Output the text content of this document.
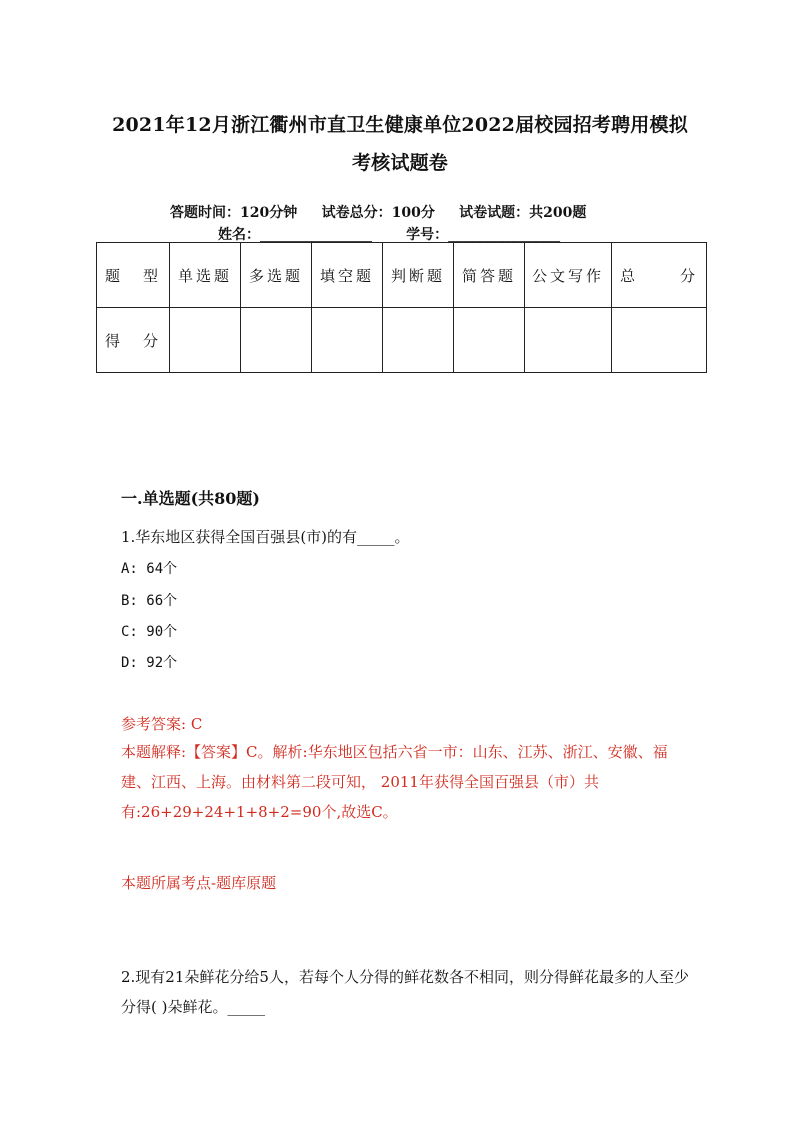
2021年12月浙江衢州市直卫生健康单位2022届校园招考聘用模拟
考核试题卷
答题时间：120分钟     试卷总分：100分     试卷试题：共200题
姓名：________________       学号：________________
题 型	单选题	多选题	填空题	判断题	简答题	公文写作	总 分

得 分							

一.单选题(共80题)
1.华东地区获得全国百强县(市)的有_____。
A: 64个
B: 66个
C: 90个
D: 92个
参考答案: C
本题解释:【答案】C。解析:华东地区包括六省一市：山东、江苏、浙江、安徽、福建、江西、上海。由材料第二段可知， 2011年获得全国百强县（市）共有:26+29+24+1+8+2=90个,故选C。
本题所属考点-题库原题
2.现有21朵鲜花分给5人，若每个人分得的鲜花数各不相同，则分得鲜花最多的人至少分得( )朵鲜花。_____
